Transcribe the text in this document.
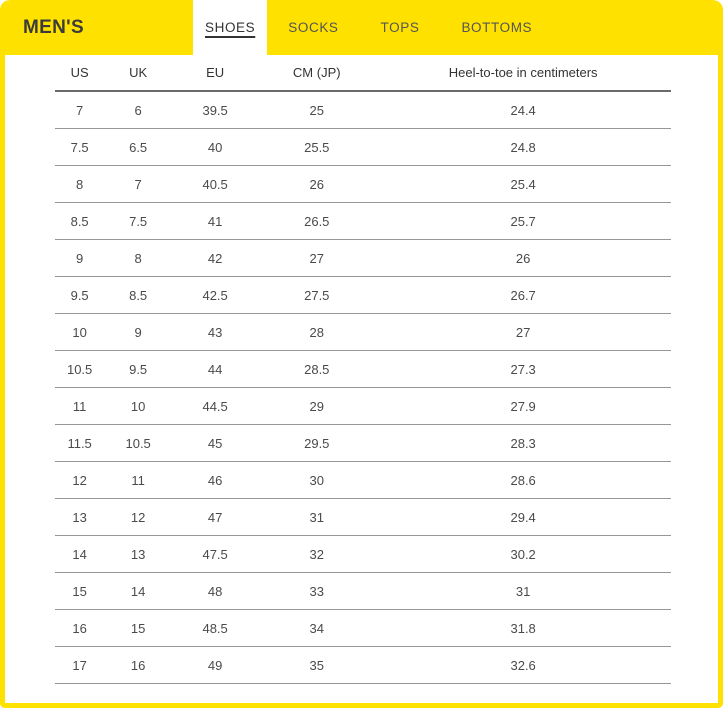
MEN'S	SHOES	SOCKS	TOPS	BOTTOMS
US	UK	EU	CM (JP)	Heel-to-toe in centimeters
7	6	39.5	25	24.4
7.5	6.5	40	25.5	24.8
8	7	40.5	26	25.4
8.5	7.5	41	26.5	25.7
9	8	42	27	26
9.5	8.5	42.5	27.5	26.7
10	9	43	28	27
10.5	9.5	44	28.5	27.3
11	10	44.5	29	27.9
11.5	10.5	45	29.5	28.3
12	11	46	30	28.6
13	12	47	31	29.4
14	13	47.5	32	30.2
15	14	48	33	31
16	15	48.5	34	31.8
17	16	49	35	32.6
